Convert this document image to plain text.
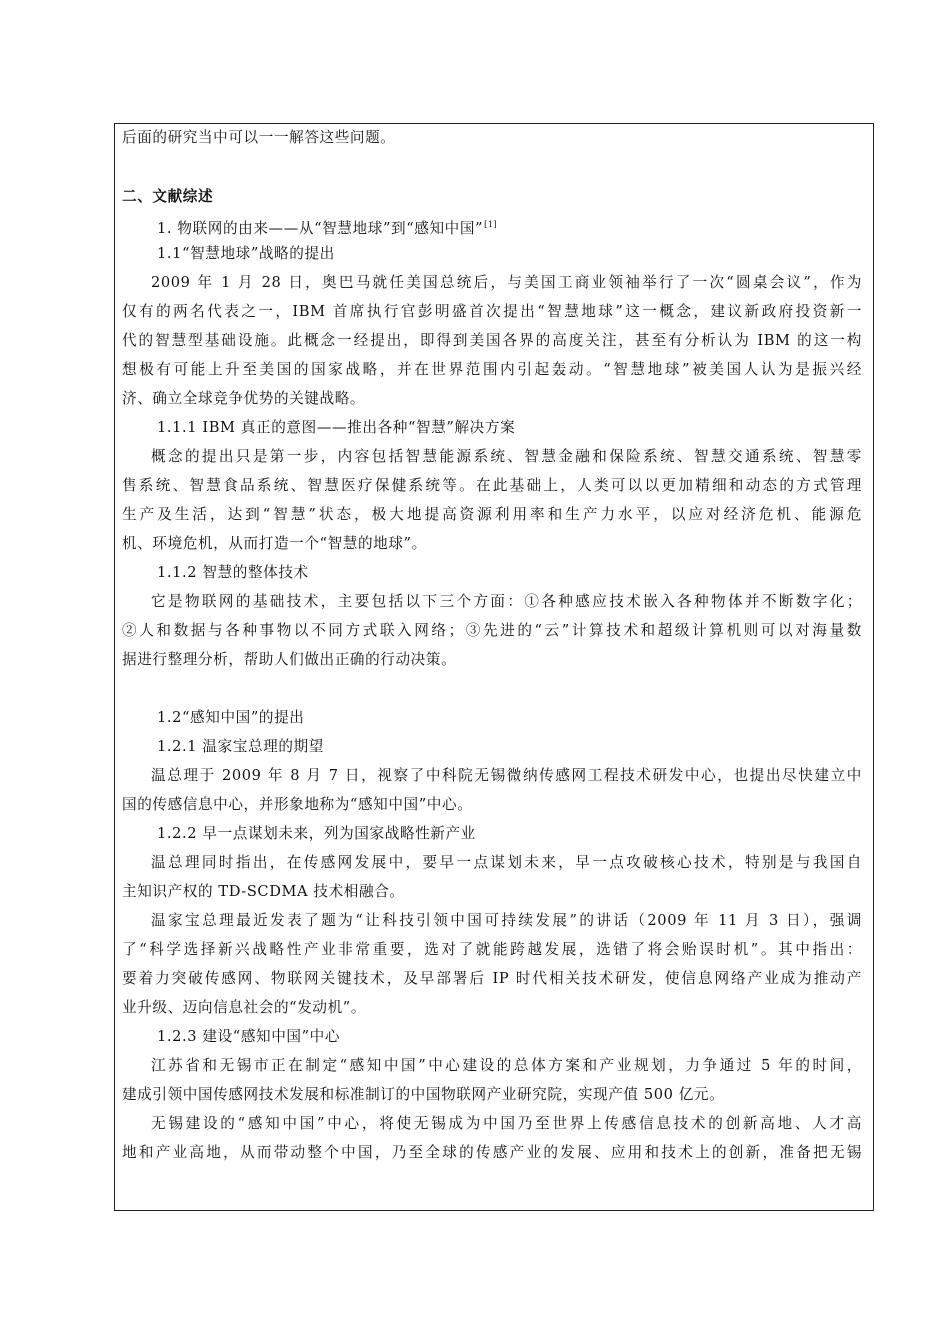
后面的研究当中可以一一解答这些问题。
二、文献综述
1. 物联网的由来——从“智慧地球”到“感知中国”[1]
1.1“智慧地球”战略的提出
2009 年 1 月 28 日，奥巴马就任美国总统后，与美国工商业领袖举行了一次“圆桌会议”，作为
仅有的两名代表之一，IBM 首席执行官彭明盛首次提出“智慧地球”这一概念，建议新政府投资新一
代的智慧型基础设施。此概念一经提出，即得到美国各界的高度关注，甚至有分析认为 IBM 的这一构
想极有可能上升至美国的国家战略，并在世界范围内引起轰动。“智慧地球”被美国人认为是振兴经
济、确立全球竞争优势的关键战略。
1.1.1 IBM 真正的意图——推出各种“智慧”解决方案
概念的提出只是第一步，内容包括智慧能源系统、智慧金融和保险系统、智慧交通系统、智慧零
售系统、智慧食品系统、智慧医疗保健系统等。在此基础上，人类可以以更加精细和动态的方式管理
生产及生活，达到“智慧”状态，极大地提高资源利用率和生产力水平，以应对经济危机、能源危
机、环境危机，从而打造一个“智慧的地球”。
1.1.2 智慧的整体技术
它是物联网的基础技术，主要包括以下三个方面：①各种感应技术嵌入各种物体并不断数字化；
②人和数据与各种事物以不同方式联入网络；③先进的“云”计算技术和超级计算机则可以对海量数
据进行整理分析，帮助人们做出正确的行动决策。
1.2“感知中国”的提出
1.2.1 温家宝总理的期望
温总理于 2009 年 8 月 7 日，视察了中科院无锡微纳传感网工程技术研发中心，也提出尽快建立中
国的传感信息中心，并形象地称为“感知中国”中心。
1.2.2 早一点谋划未来，列为国家战略性新产业
温总理同时指出，在传感网发展中，要早一点谋划未来，早一点攻破核心技术，特别是与我国自
主知识产权的 TD-SCDMA 技术相融合。
温家宝总理最近发表了题为“让科技引领中国可持续发展”的讲话（2009 年 11 月 3 日），强调
了“科学选择新兴战略性产业非常重要，选对了就能跨越发展，选错了将会贻误时机”。其中指出：
要着力突破传感网、物联网关键技术，及早部署后 IP 时代相关技术研发，使信息网络产业成为推动产
业升级、迈向信息社会的“发动机”。
1.2.3 建设“感知中国”中心
江苏省和无锡市正在制定“感知中国”中心建设的总体方案和产业规划，力争通过 5 年的时间，
建成引领中国传感网技术发展和标准制订的中国物联网产业研究院，实现产值 500 亿元。
无锡建设的“感知中国”中心，将使无锡成为中国乃至世界上传感信息技术的创新高地、人才高
地和产业高地，从而带动整个中国，乃至全球的传感产业的发展、应用和技术上的创新，准备把无锡
